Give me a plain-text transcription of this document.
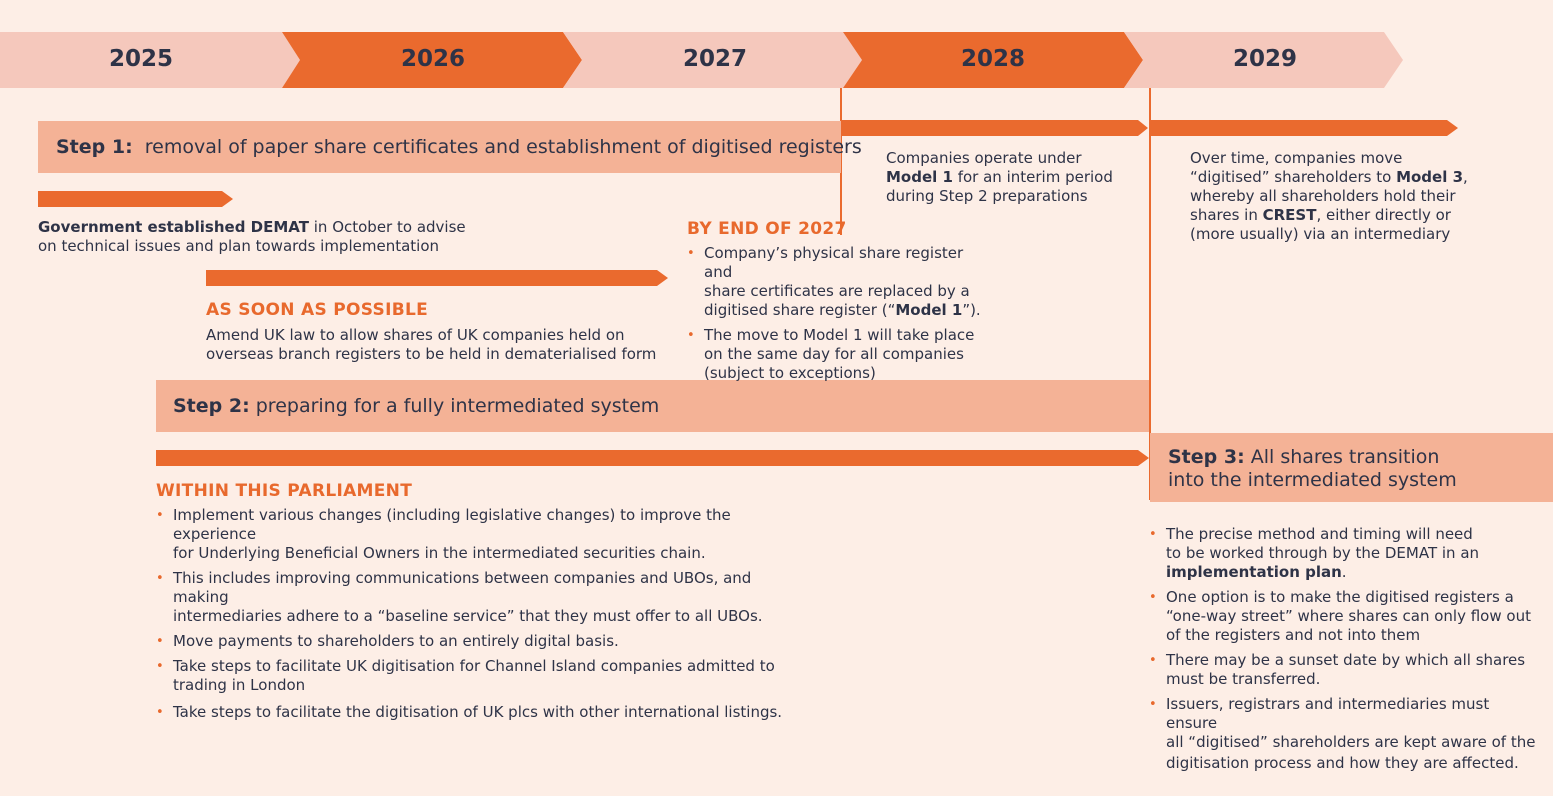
2025	2026	2027	2028	2029
Step 1: removal of paper share certificates and establishment of digitised registers
Step 2: preparing for a fully intermediated system
Step 3: All shares transition
into the intermediated system
Government established DEMAT in October to advise
on technical issues and plan towards implementation
AS SOON AS POSSIBLE
Amend UK law to allow shares of UK companies held on
overseas branch registers to be held in dematerialised form
BY END OF 2027
• Company’s physical share register and
share certificates are replaced by a
digitised share register (“Model 1”).
• The move to Model 1 will take place
on the same day for all companies
(subject to exceptions)
Companies operate under
Model 1 for an interim period
during Step 2 preparations
Over time, companies move
“digitised” shareholders to Model 3,
whereby all shareholders hold their
shares in CREST, either directly or
(more usually) via an intermediary
WITHIN THIS PARLIAMENT
• Implement various changes (including legislative changes) to improve the experience
for Underlying Beneficial Owners in the intermediated securities chain.
• This includes improving communications between companies and UBOs, and making
intermediaries adhere to a “baseline service” that they must offer to all UBOs.
• Move payments to shareholders to an entirely digital basis.
• Take steps to facilitate UK digitisation for Channel Island companies admitted to
trading in London
• Take steps to facilitate the digitisation of UK plcs with other international listings.
• The precise method and timing will need
to be worked through by the DEMAT in an
implementation plan.
• One option is to make the digitised registers a
“one-way street” where shares can only flow out
of the registers and not into them
• There may be a sunset date by which all shares
must be transferred.
• Issuers, registrars and intermediaries must ensure
all “digitised” shareholders are kept aware of the
digitisation process and how they are affected.
